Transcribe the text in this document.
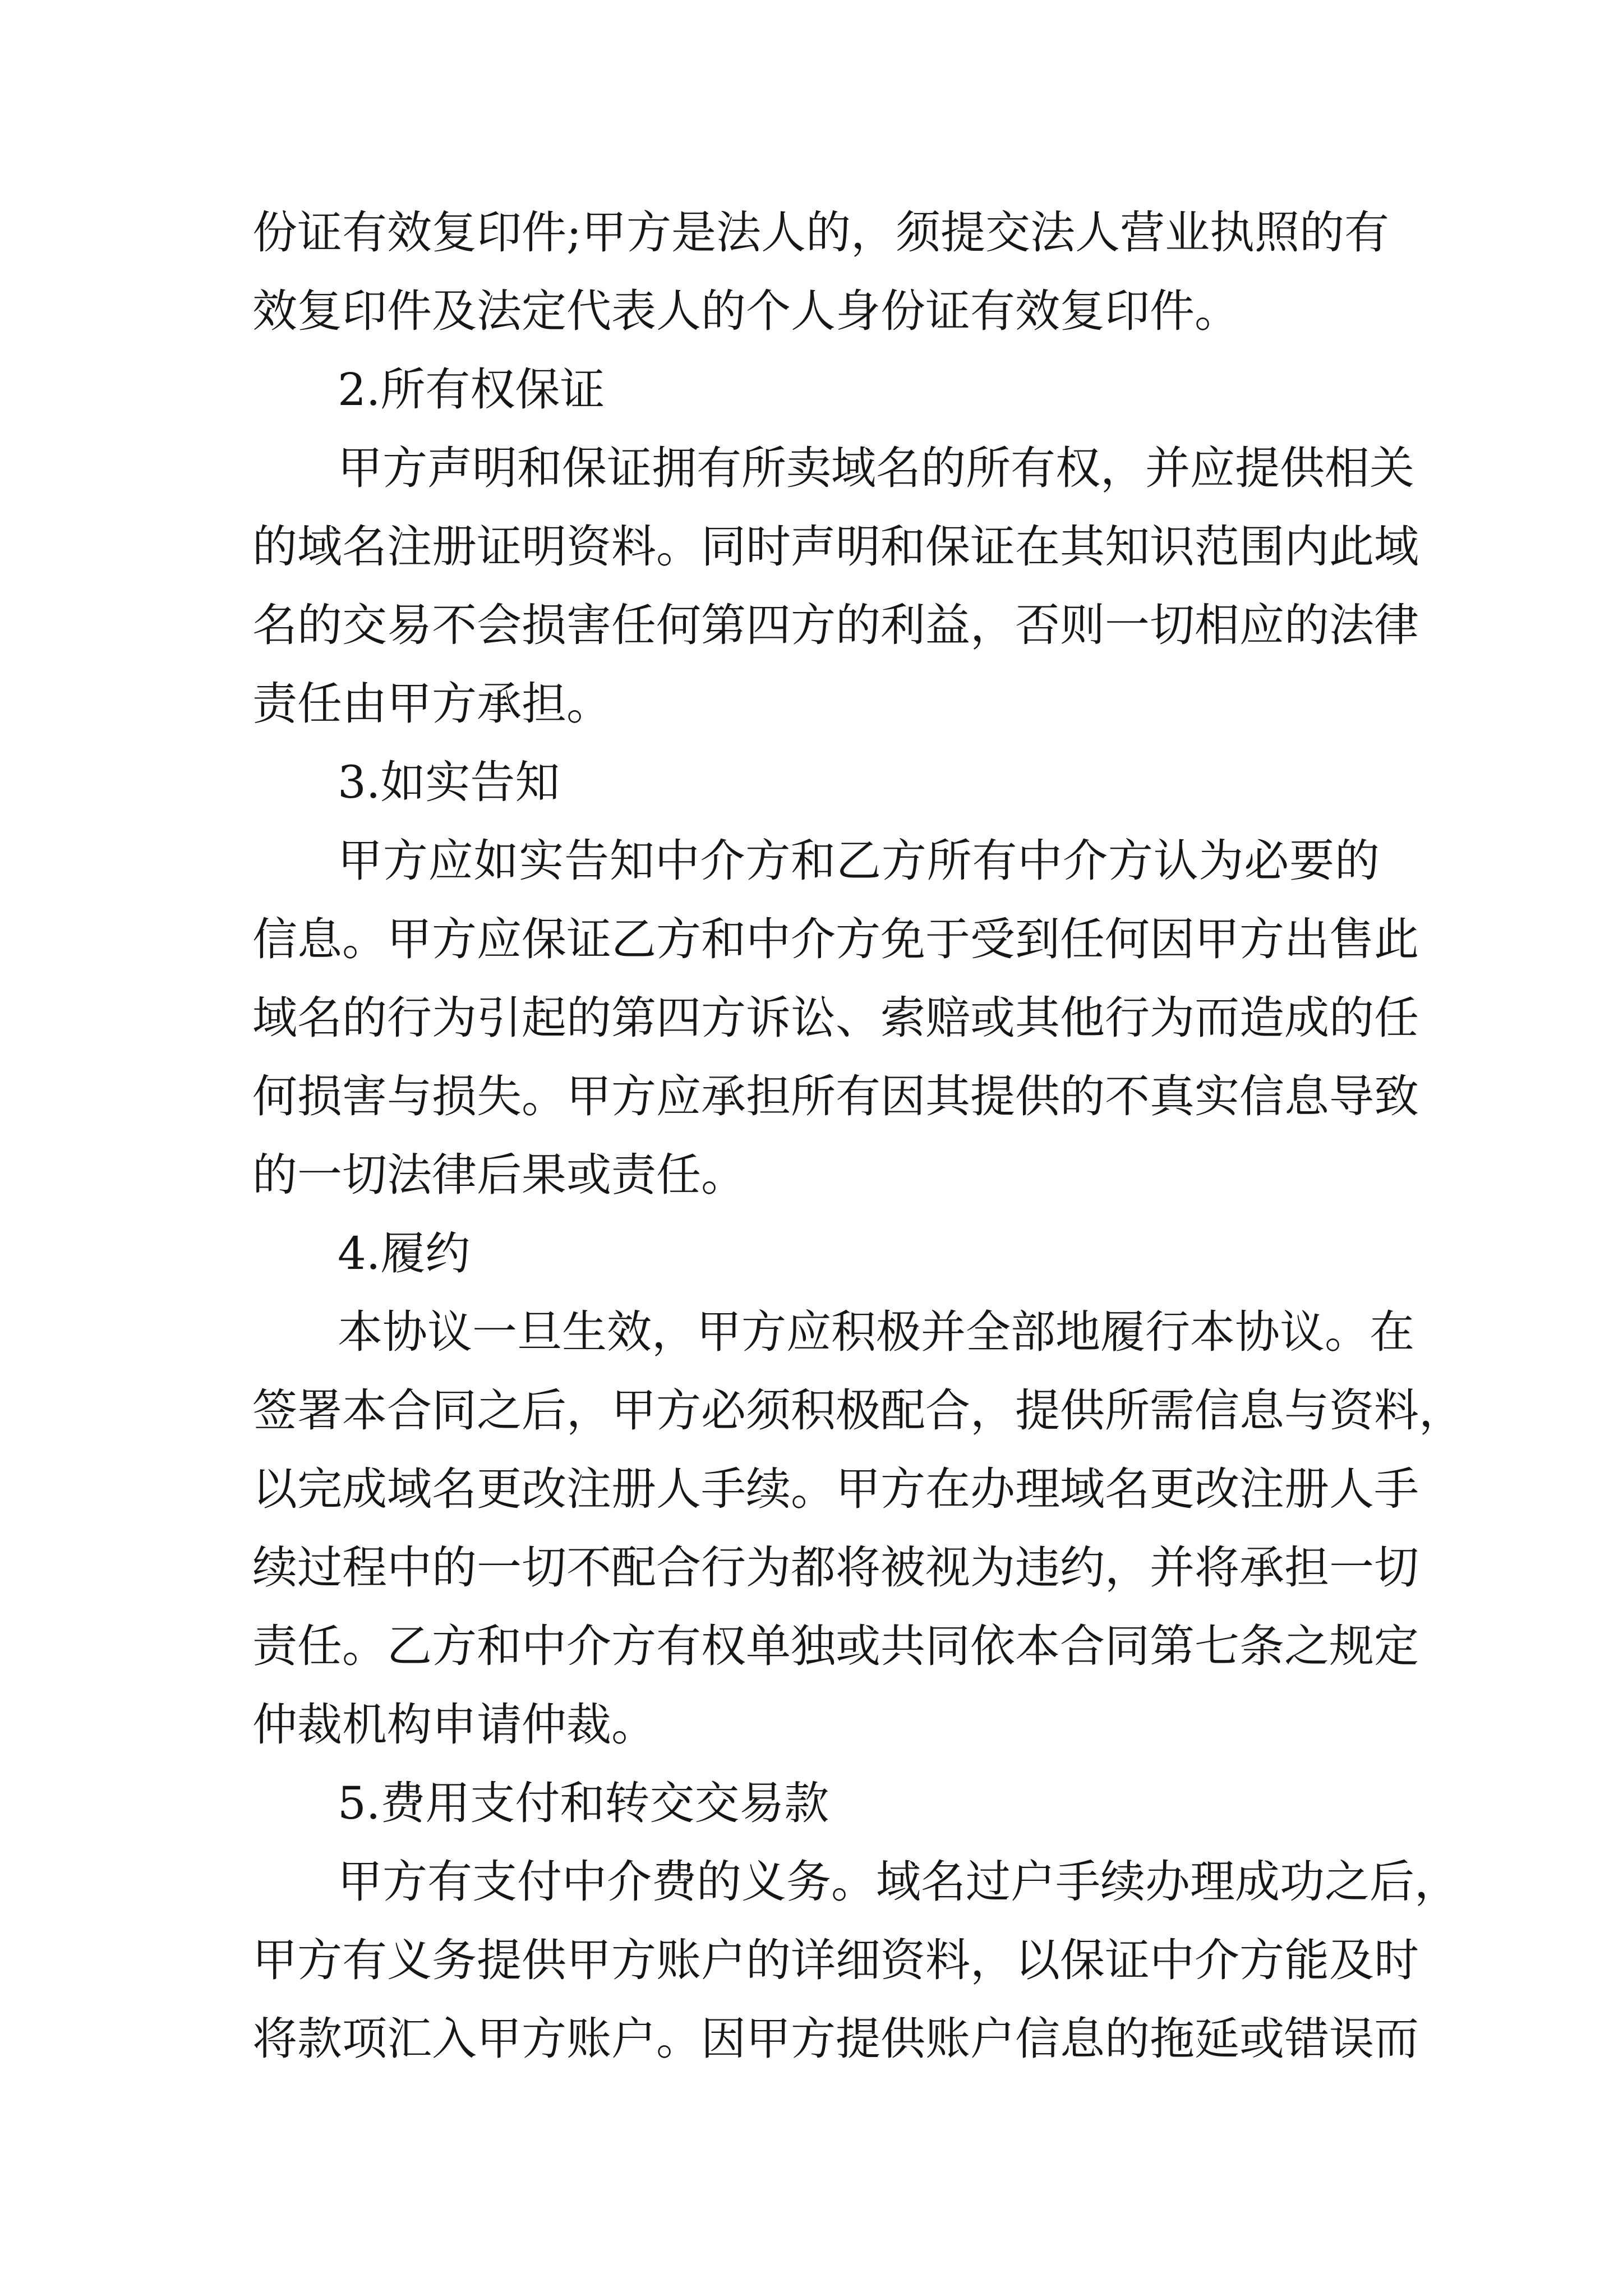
份证有效复印件;甲方是法人的，须提交法人营业执照的有
效复印件及法定代表人的个人身份证有效复印件。
2.所有权保证
甲方声明和保证拥有所卖域名的所有权，并应提供相关
的域名注册证明资料。同时声明和保证在其知识范围内此域
名的交易不会损害任何第四方的利益，否则一切相应的法律
责任由甲方承担。
3.如实告知
甲方应如实告知中介方和乙方所有中介方认为必要的
信息。甲方应保证乙方和中介方免于受到任何因甲方出售此
域名的行为引起的第四方诉讼、索赔或其他行为而造成的任
何损害与损失。甲方应承担所有因其提供的不真实信息导致
的一切法律后果或责任。
4.履约
本协议一旦生效，甲方应积极并全部地履行本协议。在
签署本合同之后，甲方必须积极配合，提供所需信息与资料，
以完成域名更改注册人手续。甲方在办理域名更改注册人手
续过程中的一切不配合行为都将被视为违约，并将承担一切
责任。乙方和中介方有权单独或共同依本合同第七条之规定
仲裁机构申请仲裁。
5.费用支付和转交交易款
甲方有支付中介费的义务。域名过户手续办理成功之后，
甲方有义务提供甲方账户的详细资料，以保证中介方能及时
将款项汇入甲方账户。因甲方提供账户信息的拖延或错误而
